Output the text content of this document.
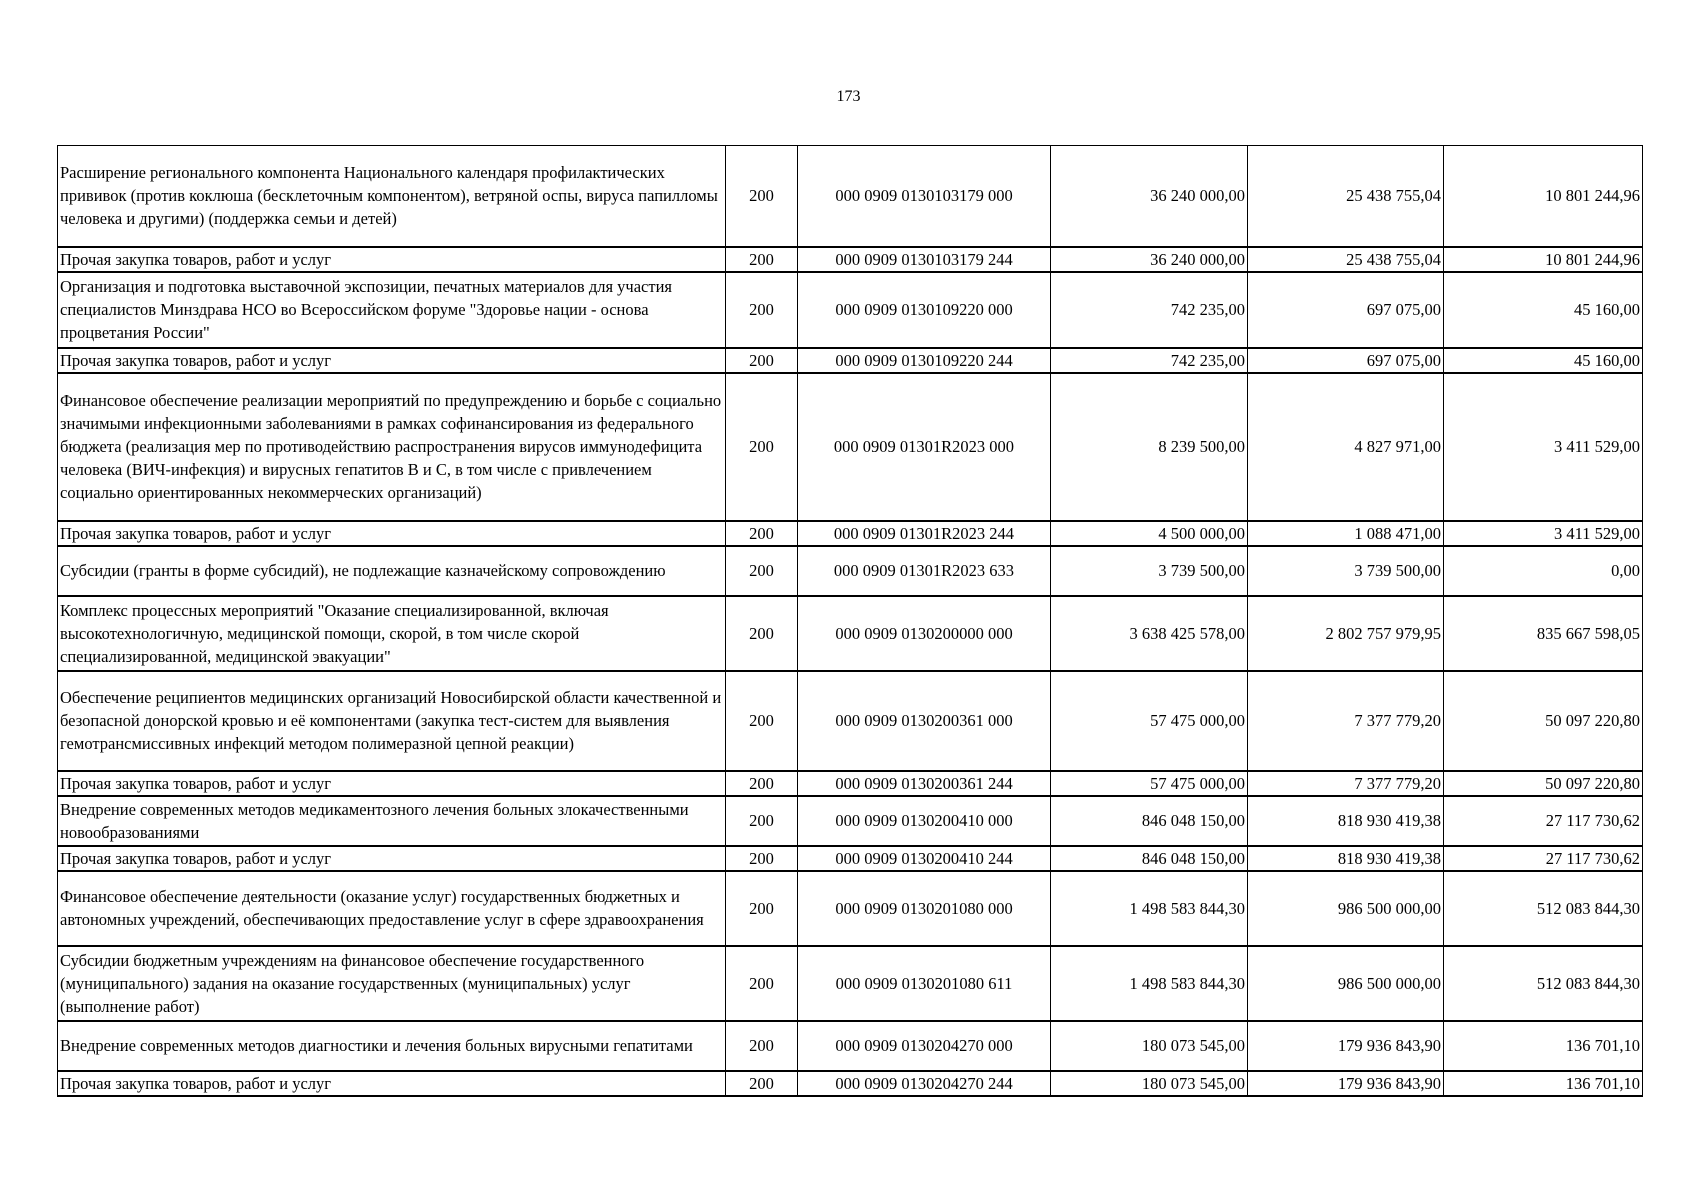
173
Расширение регионального компонента Национального календаря профилактических прививок (против коклюша (бесклеточным компонентом), ветряной оспы, вируса папилломы человека и другими) (поддержка семьи и детей)	200	000 0909 0130103179 000	36 240 000,00	25 438 755,04	10 801 244,96
Прочая закупка товаров, работ и услуг	200	000 0909 0130103179 244	36 240 000,00	25 438 755,04	10 801 244,96
Организация и подготовка выставочной экспозиции, печатных материалов для участия специалистов Минздрава НСО во Всероссийском форуме "Здоровье нации - основа процветания России"	200	000 0909 0130109220 000	742 235,00	697 075,00	45 160,00
Прочая закупка товаров, работ и услуг	200	000 0909 0130109220 244	742 235,00	697 075,00	45 160,00
Финансовое обеспечение реализации мероприятий по предупреждению и борьбе с социально значимыми инфекционными заболеваниями в рамках софинансирования из федерального бюджета (реализация мер по противодействию распространения вирусов иммунодефицита человека (ВИЧ-инфекция) и вирусных гепатитов В и С, в том числе с привлечением социально ориентированных некоммерческих организаций)	200	000 0909 01301R2023 000	8 239 500,00	4 827 971,00	3 411 529,00
Прочая закупка товаров, работ и услуг	200	000 0909 01301R2023 244	4 500 000,00	1 088 471,00	3 411 529,00
Субсидии (гранты в форме субсидий), не подлежащие казначейскому сопровождению	200	000 0909 01301R2023 633	3 739 500,00	3 739 500,00	0,00
Комплекс процессных мероприятий "Оказание специализированной, включая высокотехнологичную, медицинской помощи, скорой, в том числе скорой специализированной, медицинской эвакуации"	200	000 0909 0130200000 000	3 638 425 578,00	2 802 757 979,95	835 667 598,05
Обеспечение реципиентов медицинских организаций Новосибирской области качественной и безопасной донорской кровью и её компонентами (закупка тест-систем для выявления гемотрансмиссивных инфекций методом полимеразной цепной реакции)	200	000 0909 0130200361 000	57 475 000,00	7 377 779,20	50 097 220,80
Прочая закупка товаров, работ и услуг	200	000 0909 0130200361 244	57 475 000,00	7 377 779,20	50 097 220,80
Внедрение современных методов медикаментозного лечения больных злокачественными новообразованиями	200	000 0909 0130200410 000	846 048 150,00	818 930 419,38	27 117 730,62
Прочая закупка товаров, работ и услуг	200	000 0909 0130200410 244	846 048 150,00	818 930 419,38	27 117 730,62
Финансовое обеспечение деятельности (оказание услуг) государственных бюджетных и автономных учреждений, обеспечивающих предоставление услуг в сфере здравоохранения	200	000 0909 0130201080 000	1 498 583 844,30	986 500 000,00	512 083 844,30
Субсидии бюджетным учреждениям на финансовое обеспечение государственного (муниципального) задания на оказание государственных (муниципальных) услуг (выполнение работ)	200	000 0909 0130201080 611	1 498 583 844,30	986 500 000,00	512 083 844,30
Внедрение современных методов диагностики и лечения больных вирусными гепатитами	200	000 0909 0130204270 000	180 073 545,00	179 936 843,90	136 701,10
Прочая закупка товаров, работ и услуг	200	000 0909 0130204270 244	180 073 545,00	179 936 843,90	136 701,10
